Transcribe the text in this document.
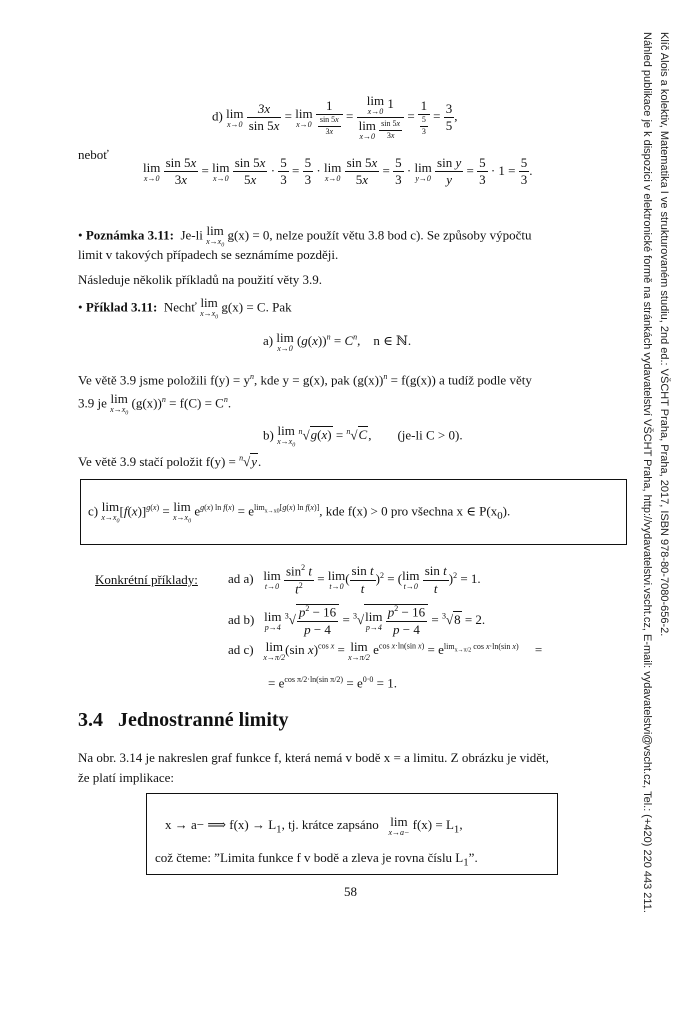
Klíč Alois a kolektiv, Matematika I ve strukturovaném studiu, 2nd ed.: VŠCHT Praha, Praha, 2017, ISBN 978-80-7080-656-2.
Náhled publikace je k dispozici v elektronické formě na stránkách vydavatelství VŠCHT Praha, http://vydavatelstvi.vscht.cz, E-mail: vydavatelstvi@vscht.cz, Tel.: (+420) 220 443 211.
d) lim
x→0
$\frac{3x}{\sin 5x} = \lim$
x→0
$\frac{1}{\frac{\sin 5x}{3x}} = \lim$
x→0
1
lim
x→0
$\frac{\sin 5x}{3x} = \frac{1}{\frac{5}{3}} = \frac{3}{5}$ ,
neboť
lim
x→0
$\frac{\sin 5x}{3x} = \lim$
x→0
$\frac{\sin 5x}{5x} \cdot \frac{5}{3} = \frac{5}{3} \cdot \lim$
x→0
$\frac{\sin 5x}{5x} = \frac{5}{3} \cdot \lim$
y→0
$\frac{\text{sin y}}{y} = \frac{5}{3} \cdot 1 = \frac{5}{3}$ .
• Poznámka 3.11: Je-li lim
$x\to x_0$
g(x) = 0, nelze použít větu 3.8 bod c). Se způsoby výpočtu
limit v takových případech se seznámíme později.
Následuje několik příkladů na použití věty 3.9.
• Příklad 3.11: Nechť lim
$x\to x_0$
g(x) = C. Pak
a) lim
x→0
$(g(x))^n = C^n$,    n ∈ ℕ.
Ve větě 3.9 jsme položili $f(y) = y^n$, kde y = g(x), pak $(g(x))^n = f(g(x))$ a tudíž podle věty
3.9 je lim
$x\to x_0$
$(g(x))^n = f(C) = C^n$.
b) lim
$x\to x_0$
$^n$√g(x) = $^n$√C,        (je-li C > 0).
Ve větě 3.9 stačí položit f(y) = $^n$√y.
c) lim
$x\to x_0$
$[f(x)]^{g(x)} = \lim$
$x\to x_0$
$e^{g(x) ln f(x)} = e^{lim_{x\to x0}[g(x) ln f(x)]}$, kde f(x) > 0 pro všechna x ∈ $P(x_0)$.
Konkrétní příklady: ad a) lim
t→0
$\frac{\sin^2 t}{t^2} = \lim$
t→0
( $\frac{\text{sin t}}{t} )^2 = (\lim$
t→0
$\frac{\text{sin t}}{t} )^2 = 1$.
ad b) lim
p→4
$^3√ \frac{p^2 - 16}{p - 4} = ^3√\lim$
p→4
$\frac{p^2 - 16}{p - 4} = ^3√8 = 2$.
ad c) lim
x→π/2
(sin x)$^{cos x}$ = lim
x→π/2
$e^{cos x\cdot ln(sin x)} = e^{lim_{x\to\pi/2} cos x\cdot ln(sin x)}$     =
= $e^{cos \pi/2\cdot ln(sin \pi/2)} = e^{0\cdot 0} = 1$.
3.4 Jednostranné limity
Na obr. 3.14 je nakreslen graf funkce f, která nemá v bodě x = a limitu. Z obrázku je vidět,
že platí implikace:
x → a− ⟹ $f(x) \to L_1$, tj. krátce zapsáno lim
x→a−
$f(x) = L_1$,
což čteme: ”Limita funkce f v bodě a zleva je rovna číslu $L_1$”.
58
